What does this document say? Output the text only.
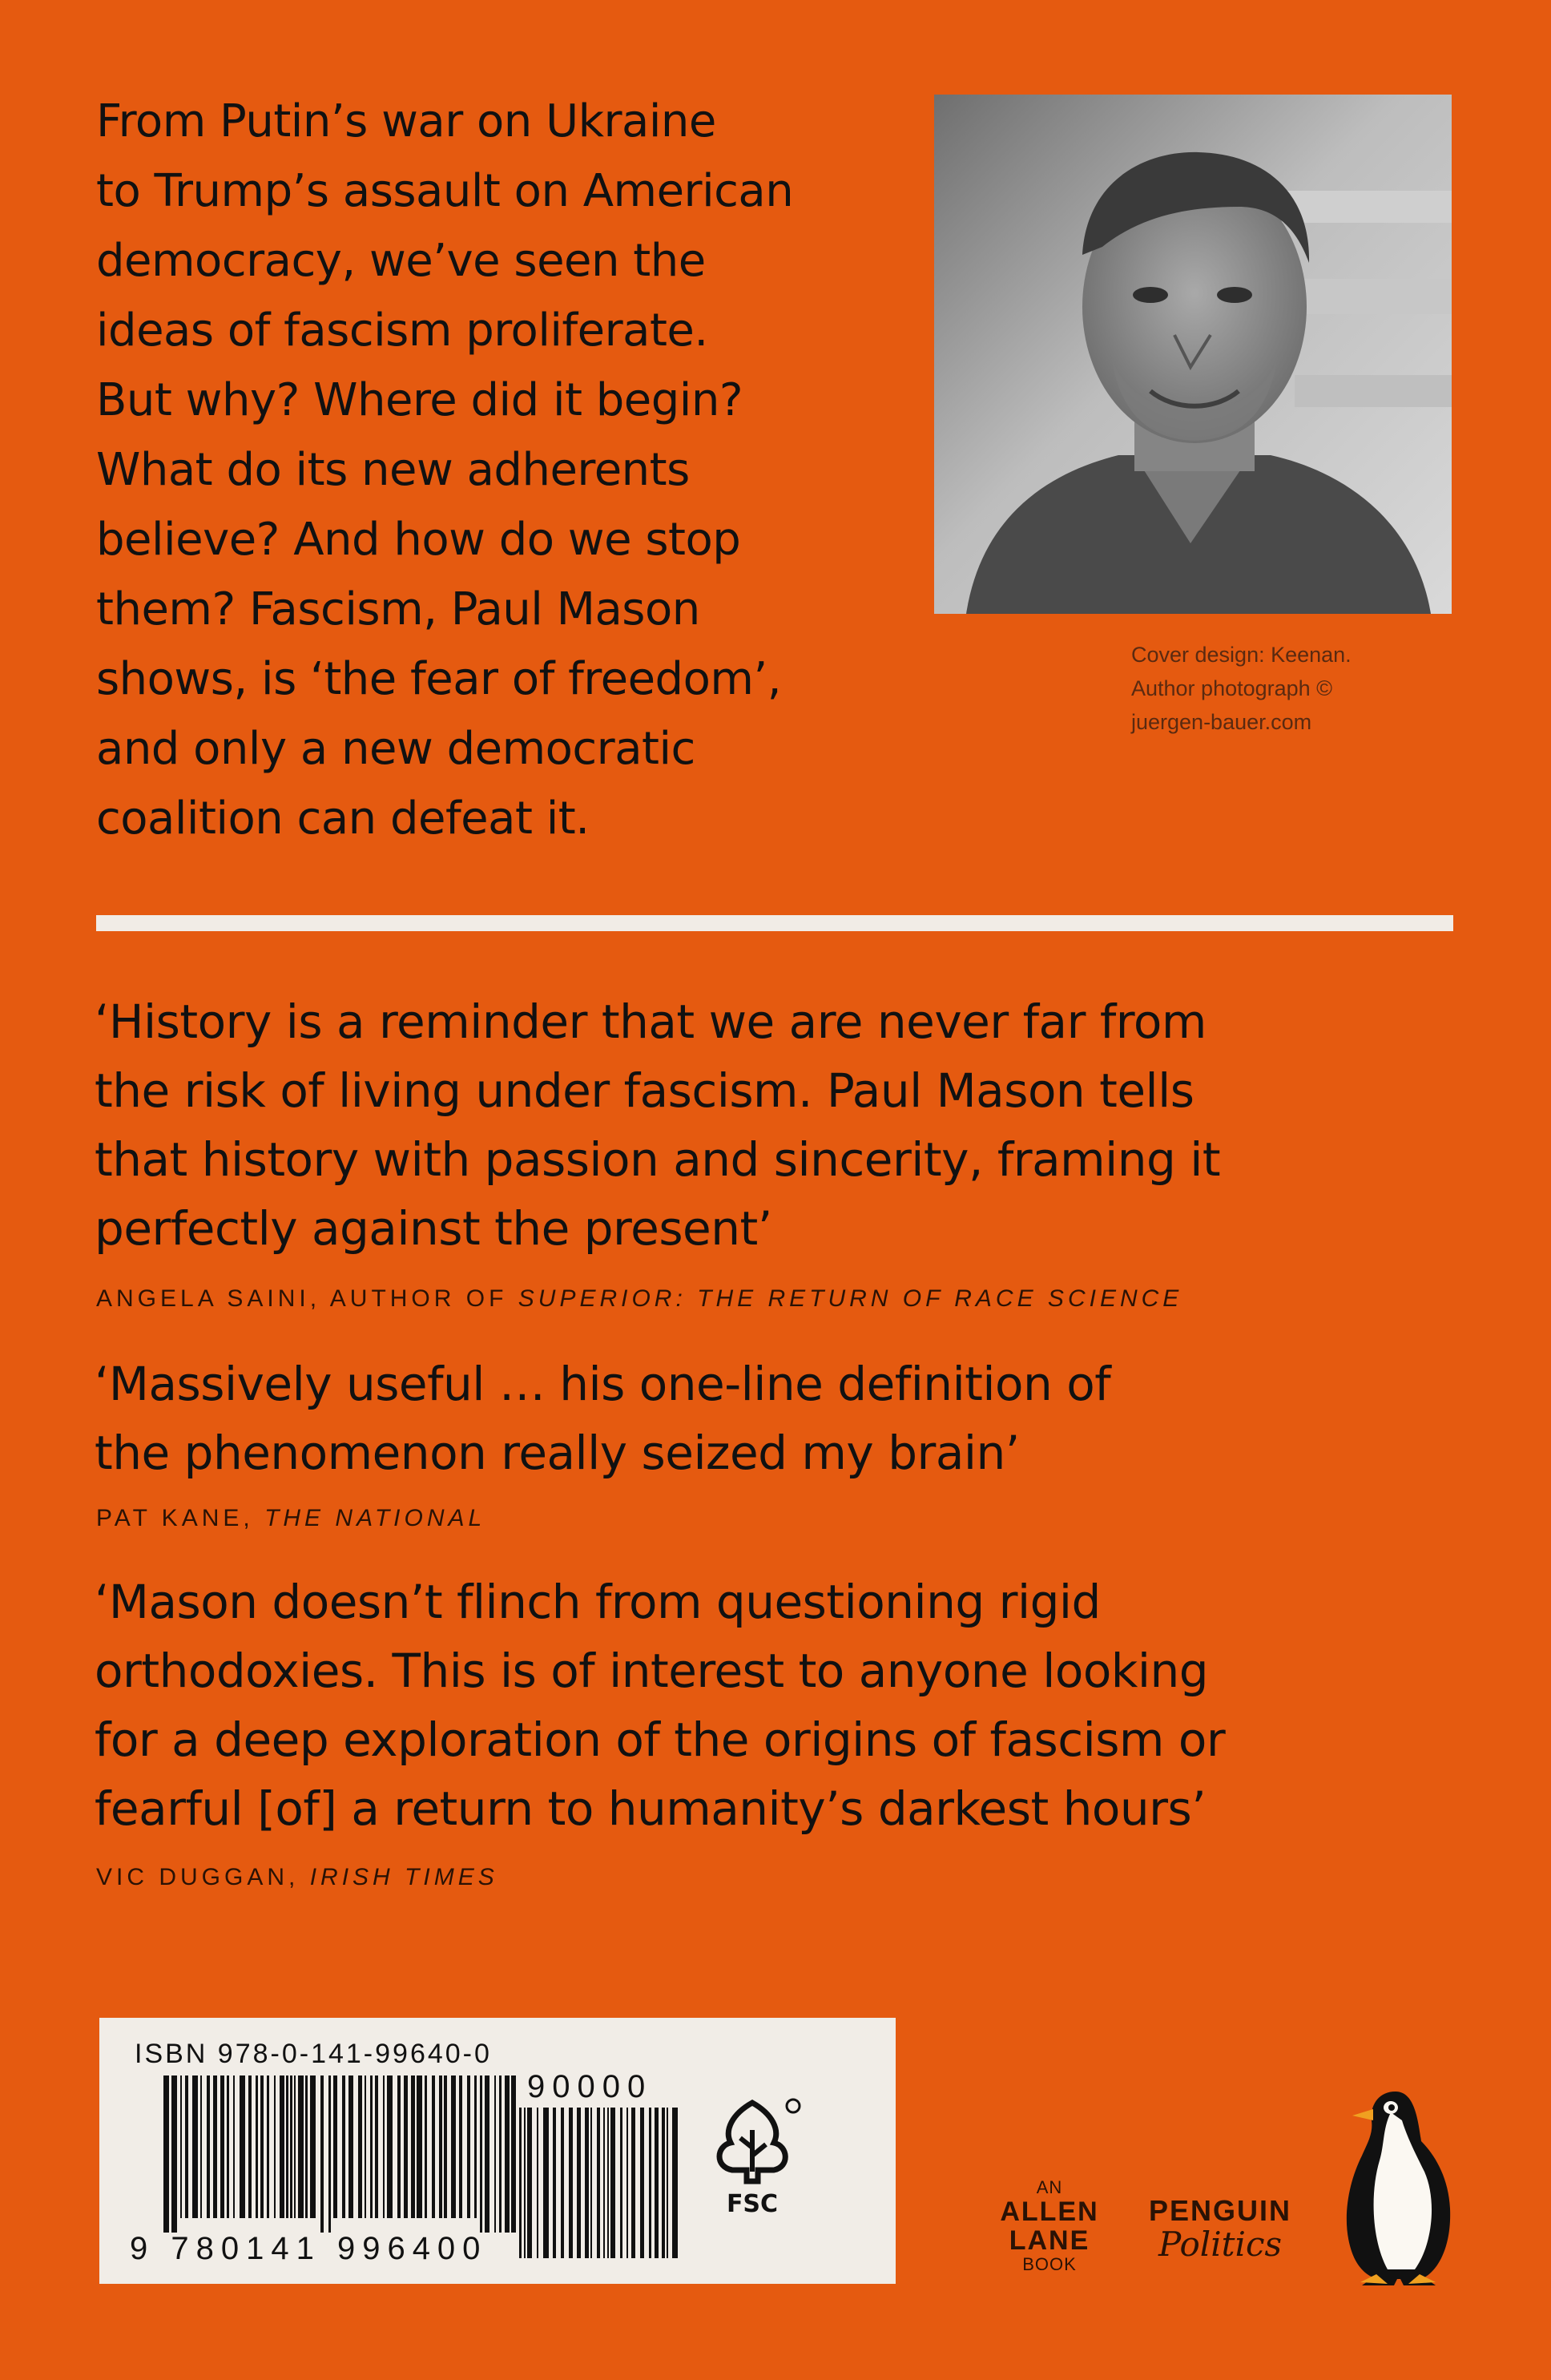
From Putin’s war on Ukraine
to Trump’s assault on American
democracy, we’ve seen the
ideas of fascism proliferate.
But why? Where did it begin?
What do its new adherents
believe? And how do we stop
them? Fascism, Paul Mason
shows, is ‘the fear of freedom’,
and only a new democratic
coalition can defeat it.
Cover design: Keenan.
Author photograph ©
juergen-bauer.com
‘History is a reminder that we are never far from
the risk of living under fascism. Paul Mason tells
that history with passion and sincerity, framing it
perfectly against the present’
ANGELA SAINI, AUTHOR OF SUPERIOR: THE RETURN OF RACE SCIENCE
‘Massively useful … his one-line definition of
the phenomenon really seized my brain’
PAT KANE, THE NATIONAL
‘Mason doesn’t flinch from questioning rigid
orthodoxies. This is of interest to anyone looking
for a deep exploration of the origins of fascism or
fearful [of] a return to humanity’s darkest hours’
VIC DUGGAN, IRISH TIMES
ISBN 978-0-141-99640-0
9 780141 996400
90000
FSC
AN
ALLEN
LANE
BOOK
PENGUIN
Politics
